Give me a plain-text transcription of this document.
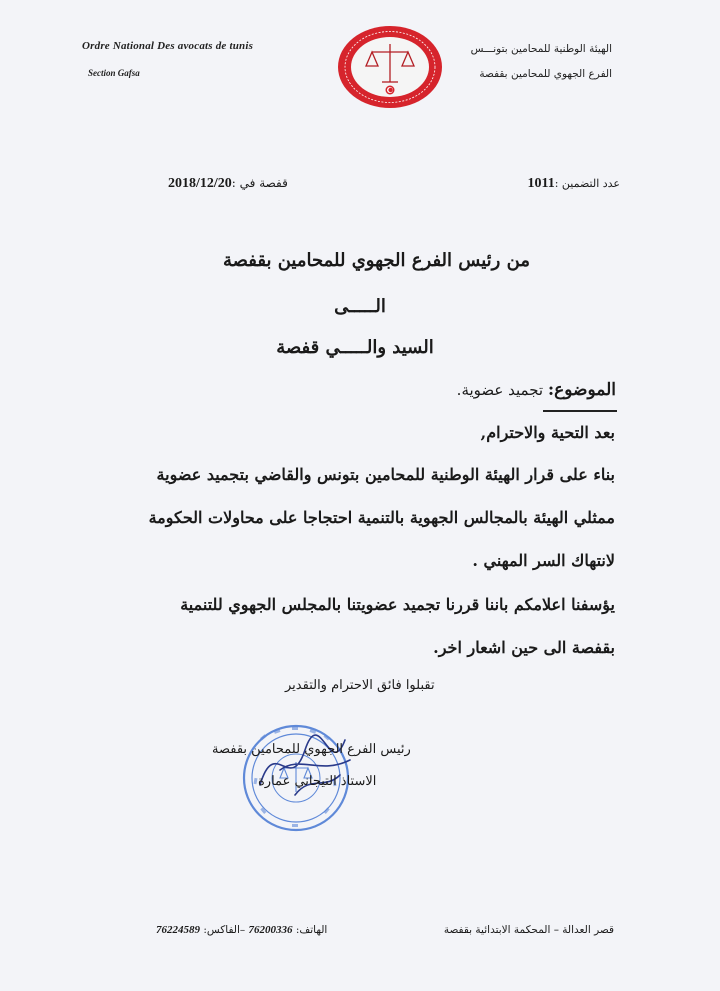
Ordre National Des avocats de tunis
Section Gafsa
الهيئة الوطنية للمحامين بتونـــس
الفرع الجهوي للمحامين بقفصة
عدد التضمين :1011
قفصة في :2018/12/20
من رئيس الفرع الجهوي للمحامين بقفصة
الـــــى
السيد والـــــي قفصة
الموضوع: تجميد عضوية.
بعد التحية والاحترام,
بناء على قرار الهيئة الوطنية للمحامين بتونس والقاضي بتجميد عضوية
ممثلي الهيئة بالمجالس الجهوية بالتنمية احتجاجا على محاولات الحكومة
لانتهاك السر المهني .
يؤسفنا اعلامكم باننا قررنا تجميد عضويتنا بالمجلس الجهوي للتنمية
بقفصة الى حين اشعار اخر.
تقبلوا فائق الاحترام والتقدير
رئيس الفرع الجهوي للمحامين بقفصة
الاستاذ التيجاني عمارة
قصر العدالة – المحكمة الابتدائية بقفصة
الهاتف: 76200336 –الفاكس: 76224589
